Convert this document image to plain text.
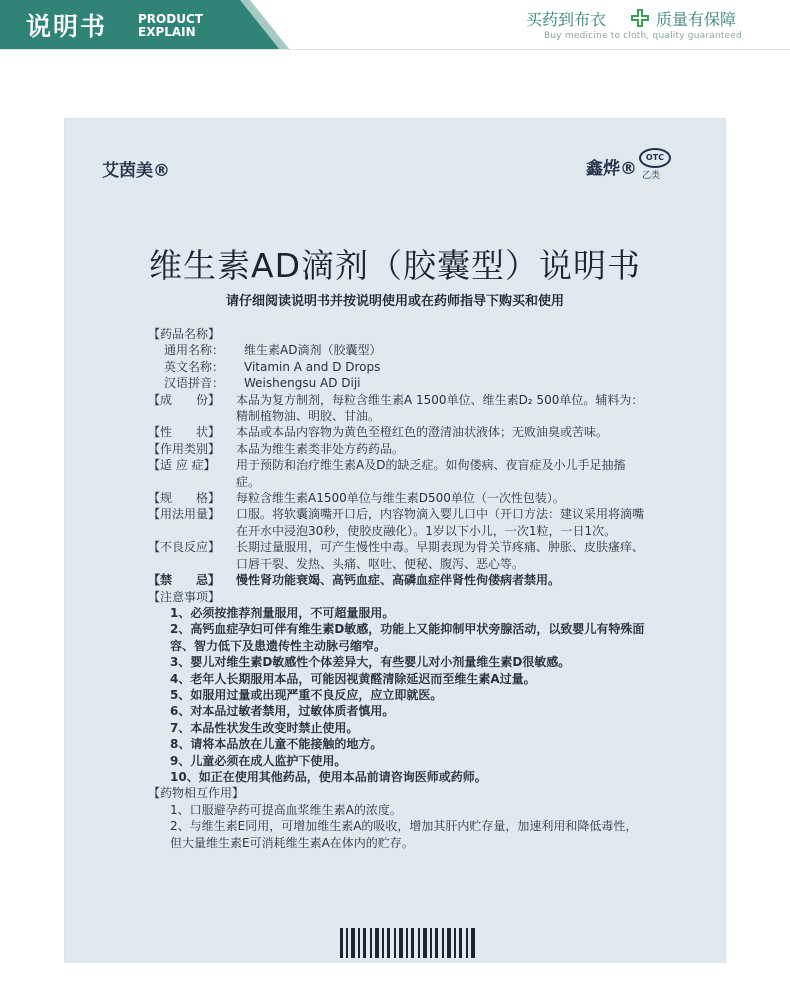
说明书	PRODUCT
EXPLAIN
买药到布衣	质量有保障
Buy medicine to cloth, quality guaranteed
艾茵美®	鑫烨®
OTC
乙类
维生素AD滴剂（胶囊型）说明书
请仔细阅读说明书并按说明使用或在药师指导下购买和使用
【药品名称】
通用名称：	维生素AD滴剂（胶囊型）
英文名称：	Vitamin A and D Drops
汉语拼音：	Weishengsu AD Diji
【成　　份】	本品为复方制剂，每粒含维生素A 1500单位、维生素D₂ 500单位。辅料为：精制植物油、明胶、甘油。
【性　　状】	本品或本品内容物为黄色至橙红色的澄清油状液体；无败油臭或苦味。
【作用类别】	本品为维生素类非处方药药品。
【适 应 症】	用于预防和治疗维生素A及D的缺乏症。如佝偻病、夜盲症及小儿手足抽搐症。
【规　　格】	每粒含维生素A1500单位与维生素D500单位（一次性包装）。
【用法用量】	口服。将软囊滴嘴开口后，内容物滴入婴儿口中（开口方法：建议采用将滴嘴在开水中浸泡30秒，使胶皮融化）。1岁以下小儿，一次1粒，一日1次。
【不良反应】	长期过量服用，可产生慢性中毒。早期表现为骨关节疼痛、肿胀、皮肤瘙痒、口唇干裂、发热、头痛、呕吐、便秘、腹泻、恶心等。
【禁　　忌】	慢性肾功能衰竭、高钙血症、高磷血症伴肾性佝偻病者禁用。
【注意事项】
1、必须按推荐剂量服用，不可超量服用。
2、高钙血症孕妇可伴有维生素D敏感，功能上又能抑制甲状旁腺活动，以致婴儿有特殊面容、智力低下及患遗传性主动脉弓缩窄。
3、婴儿对维生素D敏感性个体差异大，有些婴儿对小剂量维生素D很敏感。
4、老年人长期服用本品，可能因视黄醛清除延迟而至维生素A过量。
5、如服用过量或出现严重不良反应，应立即就医。
6、对本品过敏者禁用，过敏体质者慎用。
7、本品性状发生改变时禁止使用。
8、请将本品放在儿童不能接触的地方。
9、儿童必须在成人监护下使用。
10、如正在使用其他药品，使用本品前请咨询医师或药师。
【药物相互作用】
1、口服避孕药可提高血浆维生素A的浓度。
2、与维生素E同用，可增加维生素A的吸收，增加其肝内贮存量，加速利用和降低毒性，但大量维生素E可消耗维生素A在体内的贮存。
